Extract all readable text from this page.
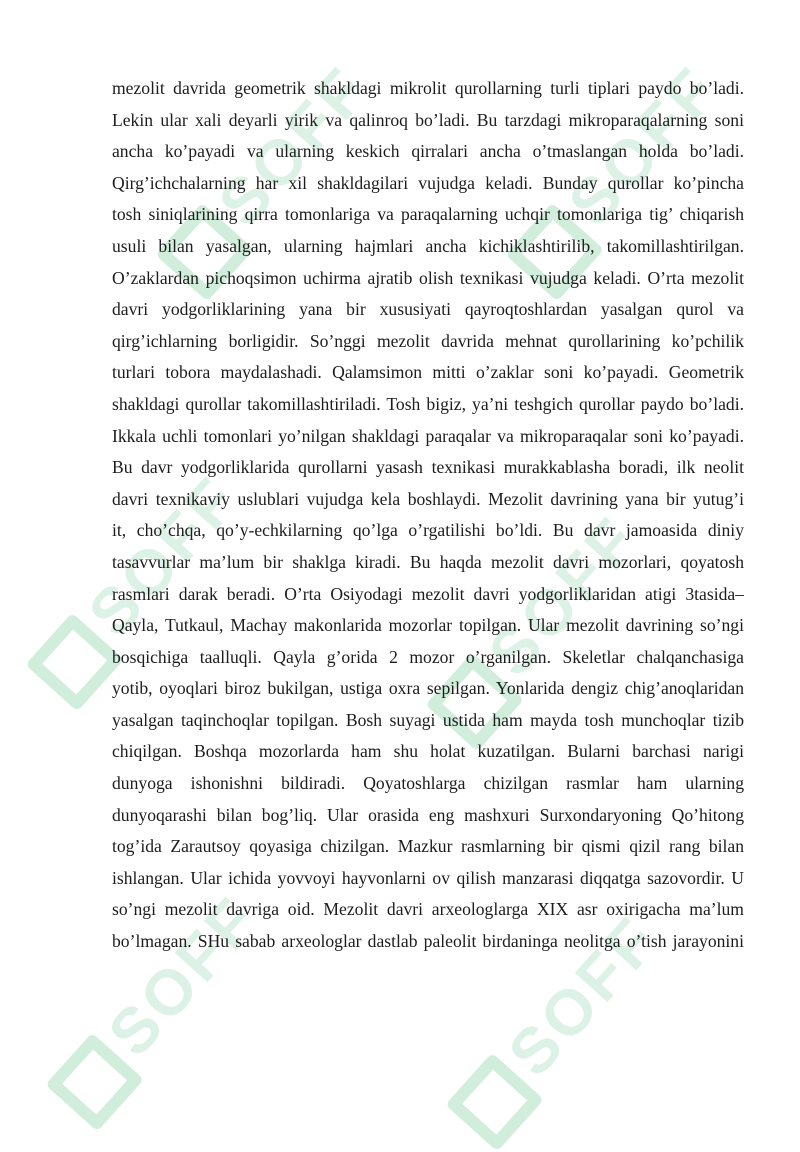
SOFF	SOFF
SOFF	SOFF
SOFF	SOFF
mezolit davrida geometrik shakldagi mikrolit qurollarning turli tiplari paydo bo’ladi.
Lekin ular xali deyarli yirik va qalinroq bo’ladi. Bu tarzdagi mikroparaqalarning soni
ancha ko’payadi va ularning keskich qirralari ancha o’tmaslangan holda bo’ladi.
Qirg’ichchalarning har xil shakldagilari vujudga keladi. Bunday qurollar ko’pincha
tosh siniqlarining qirra tomonlariga va paraqalarning uchqir tomonlariga tig’ chiqarish
usuli bilan yasalgan, ularning hajmlari ancha kichiklashtirilib, takomillashtirilgan.
O’zaklardan pichoqsimon uchirma ajratib olish texnikasi vujudga keladi. O’rta mezolit
davri yodgorliklarining yana bir xususiyati qayroqtoshlardan yasalgan qurol va
qirg’ichlarning borligidir. So’nggi mezolit davrida mehnat qurollarining ko’pchilik
turlari tobora maydalashadi. Qalamsimon mitti o’zaklar soni ko’payadi. Geometrik
shakldagi qurollar takomillashtiriladi. Tosh bigiz, ya’ni teshgich qurollar paydo bo’ladi.
Ikkala uchli tomonlari yo’nilgan shakldagi paraqalar va mikroparaqalar soni ko’payadi.
Bu davr yodgorliklarida qurollarni yasash texnikasi murakkablasha boradi, ilk neolit
davri texnikaviy uslublari vujudga kela boshlaydi. Mezolit davrining yana bir yutug’i
it, cho’chqa, qo’y-echkilarning qo’lga o’rgatilishi bo’ldi. Bu davr jamoasida diniy
tasavvurlar ma’lum bir shaklga kiradi. Bu haqda mezolit davri mozorlari, qoyatosh
rasmlari darak beradi. O’rta Osiyodagi mezolit davri yodgorliklaridan atigi 3tasida–
Qayla, Tutkaul, Machay makonlarida mozorlar topilgan. Ular mezolit davrining so’ngi
bosqichiga taalluqli. Qayla g’orida 2 mozor o’rganilgan. Skeletlar chalqanchasiga
yotib, oyoqlari biroz bukilgan, ustiga oxra sepilgan. Yonlarida dengiz chig’anoqlaridan
yasalgan taqinchoqlar topilgan. Bosh suyagi ustida ham mayda tosh munchoqlar tizib
chiqilgan. Boshqa mozorlarda ham shu holat kuzatilgan. Bularni barchasi narigi
dunyoga ishonishni bildiradi. Qoyatoshlarga chizilgan rasmlar ham ularning
dunyoqarashi bilan bog’liq. Ular orasida eng mashxuri Surxondaryoning Qo’hitong
tog’ida Zarautsoy qoyasiga chizilgan. Mazkur rasmlarning bir qismi qizil rang bilan
ishlangan. Ular ichida yovvoyi hayvonlarni ov qilish manzarasi diqqatga sazovordir. U
so’ngi mezolit davriga oid. Mezolit davri arxeologlarga XIX asr oxirigacha ma’lum
bo’lmagan. SHu sabab arxeologlar dastlab paleolit birdaninga neolitga o’tish jarayonini
